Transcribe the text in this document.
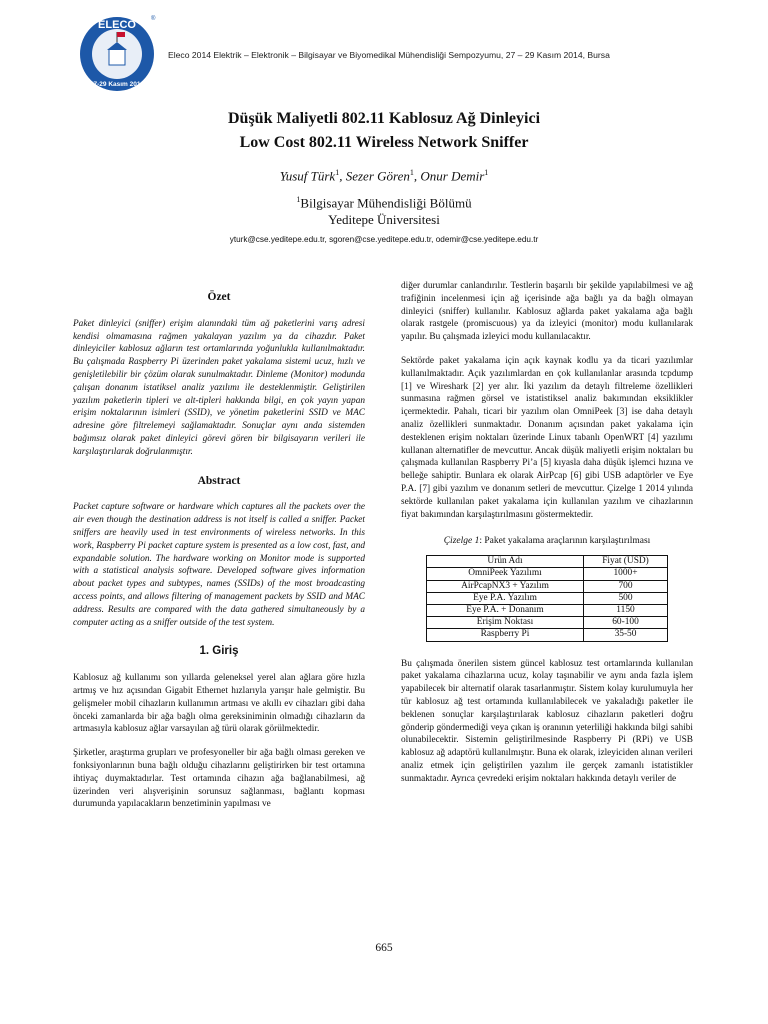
ELECO
27-29 Kasım 2014
®
Eleco 2014 Elektrik – Elektronik – Bilgisayar ve Biyomedikal Mühendisliği Sempozyumu, 27 – 29 Kasım 2014, Bursa
Düşük Maliyetli 802.11 Kablosuz Ağ Dinleyici
Low Cost 802.11 Wireless Network Sniffer
Yusuf Türk$^1$, Sezer Gören$^1$, Onur Demir$^1$
$^1$Bilgisayar Mühendisliği Bölümü
Yeditepe Üniversitesi
yturk@cse.yeditepe.edu.tr, sgoren@cse.yeditepe.edu.tr, odemir@cse.yeditepe.edu.tr

Özet

Paket dinleyici (sniffer) erişim alanındaki tüm ağ paketlerini varış adresi kendisi olmamasına rağmen yakalayan yazılım ya da cihazdır. Paket dinleyiciler kablosuz ağların test ortamlarında yoğunlukla kullanılmaktadır. Bu çalışmada Raspberry Pi üzerinden paket yakalama sistemi ucuz, hızlı ve genişletilebilir bir çözüm olarak sunulmaktadır. Dinleme (Monitor) modunda çalışan donanım istatiksel analiz yazılımı ile desteklenmiştir. Geliştirilen yazılım paketlerin tipleri ve alt-tipleri hakkında bilgi, en çok yayın yapan erişim noktalarının isimleri (SSID), ve yönetim paketlerini SSID ve MAC adresine göre filtrelemeyi sağlamaktadır. Sonuçlar aynı anda sistemden bağımsız olarak paket dinleyici görevi gören bir bilgisayarın verileri ile karşılaştırılarak doğrulanmıştır.

Abstract

Packet capture software or hardware which captures all the packets over the air even though the destination address is not itself is called a sniffer. Packet sniffers are heavily used in test environments of wireless networks. In this work, Raspberry Pi packet capture system is presented as a low cost, fast, and expandable solution. The hardware working on Monitor mode is supported with a statistical analysis software. Developed software gives information about packet types and subtypes, names (SSIDs) of the most broadcasting access points, and allows filtering of management packets by SSID and MAC address. Results are compared with the data gathered simultaneously by a computer acting as a sniffer outside of the test system.

1. Giriş

Kablosuz ağ kullanımı son yıllarda geleneksel yerel alan ağlara göre hızla artmış ve hız açısından Gigabit Ethernet hızlarıyla yarışır hale gelmiştir. Bu gelişmeler mobil cihazların kullanımın artması ve akıllı ev cihazları gibi daha önceki zamanlarda bir ağa bağlı olma gereksiniminin olmadığı cihazların da artmasıyla kablosuz ağlar varsayılan ağ türü olarak görülmektedir.

Şirketler, araştırma grupları ve profesyoneller bir ağa bağlı olması gereken ve fonksiyonlarının buna bağlı olduğu cihazlarını geliştirirken bir test ortamına ihtiyaç duymaktadırlar. Test ortamında cihazın ağa bağlanabilmesi, ağ üzerinden veri alışverişinin sorunsuz sağlanması, bağlantı kopması durumunda yapılacakların benzetiminin yapılması ve

diğer durumlar canlandırılır. Testlerin başarılı bir şekilde yapılabilmesi ve ağ trafiğinin incelenmesi için ağ içerisinde ağa bağlı ya da bağlı olmayan dinleyici (sniffer) kullanılır. Kablosuz ağlarda paket yakalama ağa bağlı olarak rastgele (promiscuous) ya da izleyici (monitor) modu kullanılarak yapılır. Bu çalışmada izleyici modu kullanılacaktır.

Sektörde paket yakalama için açık kaynak kodlu ya da ticari yazılımlar kullanılmaktadır. Açık yazılımlardan en çok kullanılanlar arasında tcpdump [1] ve Wireshark [2] yer alır. İki yazılım da detaylı filtreleme özellikleri sunmasına rağmen görsel ve istatistiksel analiz bakımından eksiklikler içermektedir. Pahalı, ticari bir yazılım olan OmniPeek [3] ise daha detaylı analiz özellikleri sunmaktadır. Donanım açısından paket yakalama için desteklenen erişim noktaları üzerinde Linux tabanlı OpenWRT [4] yazılımı kullanan alternatifler de mevcuttur. Ancak düşük maliyetli erişim noktaları bu çalışmada kullanılan Raspberry Pi’a [5] kıyasla daha düşük işlemci hızına ve belleğe sahiptir. Bunlara ek olarak AirPcap [6] gibi USB adaptörler ve Eye P.A. [7] gibi yazılım ve donanım setleri de mevcuttur. Çizelge 1 2014 yılında sektörde kullanılan paket yakalama için kullanılan yazılım ve cihazlarının fiyat bakımından karşılaştırılmasını göstermektedir.

Çizelge 1: Paket yakalama araçlarının karşılaştırılması

Ürün Adı	Fiyat (USD)
OmniPeek Yazılımı	1000+
AirPcapNX3 + Yazılım	700
Eye P.A. Yazılım	500
Eye P.A. + Donanım	1150
Erişim Noktası	60-100
Raspberry Pi	35-50

Bu çalışmada önerilen sistem güncel kablosuz test ortamlarında kullanılan paket yakalama cihazlarına ucuz, kolay taşınabilir ve aynı anda fazla işlem yapabilecek bir alternatif olarak tasarlanmıştır. Sistem kolay kurulumuyla her tür kablosuz ağ test ortamında kullanılabilecek ve yakaladığı paketler ile beklenen sonuçlar karşılaştırılarak kablosuz cihazların paketleri doğru gönderip göndermediği veya çıkan iş oranının yeterliliği hakkında bilgi sahibi olunabilecektir. Sistemin geliştirilmesinde Raspberry Pi (RPi) ve USB kablosuz ağ adaptörü kullanılmıştır. Buna ek olarak, izleyiciden alınan verileri analiz etmek için geliştirilen yazılım ile gerçek zamanlı istatistikler sunmaktadır. Ayrıca çevredeki erişim noktaları hakkında detaylı veriler de

665
